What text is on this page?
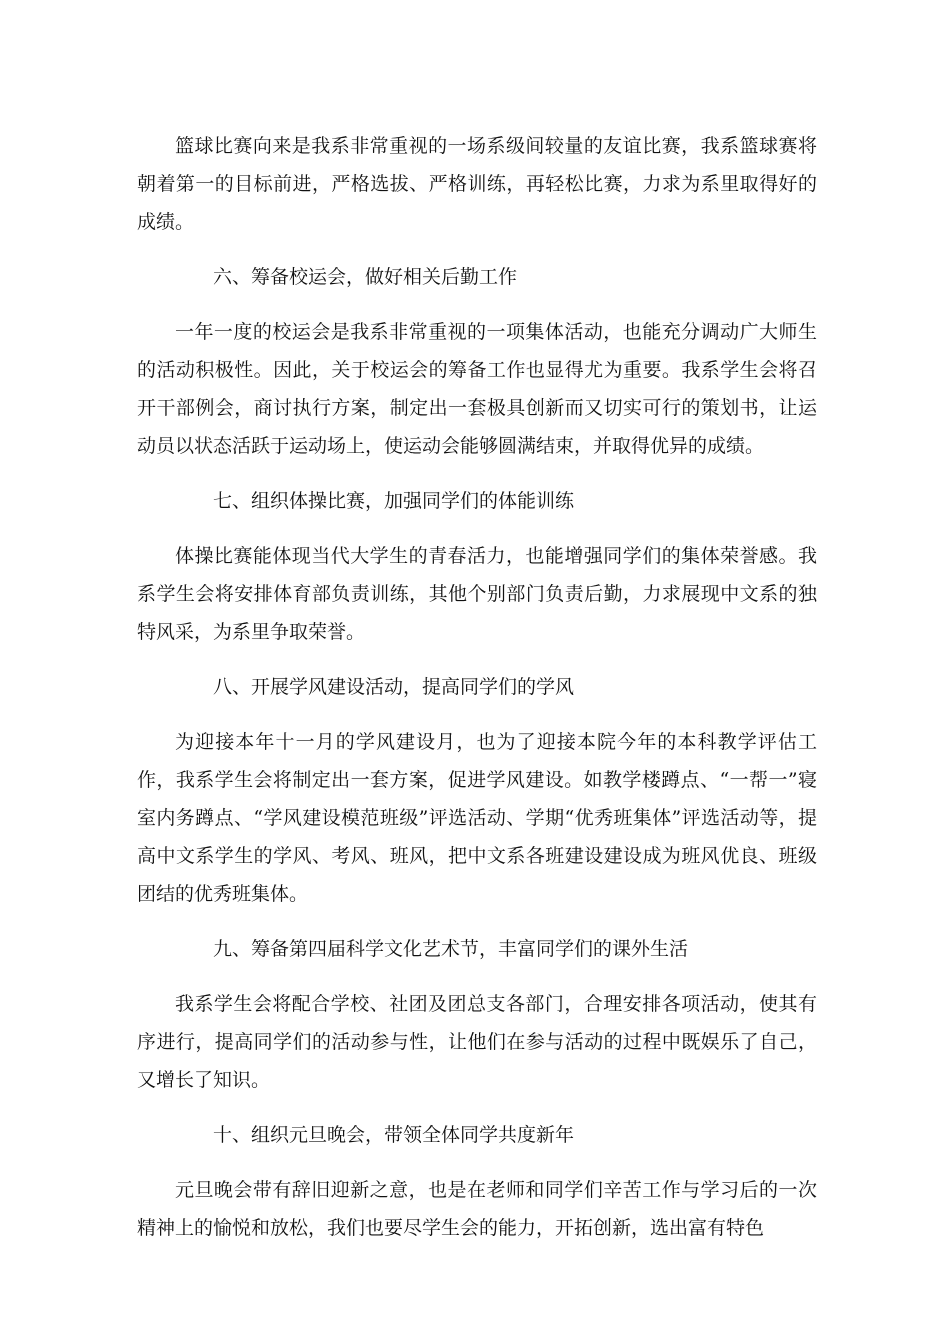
篮球比赛向来是我系非常重视的一场系级间较量的友谊比赛，我系篮球赛将朝着第一的目标前进，严格选拔、严格训练，再轻松比赛，力求为系里取得好的成绩。

六、筹备校运会，做好相关后勤工作

一年一度的校运会是我系非常重视的一项集体活动，也能充分调动广大师生的活动积极性。因此，关于校运会的筹备工作也显得尤为重要。我系学生会将召开干部例会，商讨执行方案，制定出一套极具创新而又切实可行的策划书，让运动员以状态活跃于运动场上，使运动会能够圆满结束，并取得优异的成绩。

七、组织体操比赛，加强同学们的体能训练

体操比赛能体现当代大学生的青春活力，也能增强同学们的集体荣誉感。我系学生会将安排体育部负责训练，其他个别部门负责后勤，力求展现中文系的独特风采，为系里争取荣誉。

八、开展学风建设活动，提高同学们的学风

为迎接本年十一月的学风建设月，也为了迎接本院今年的本科教学评估工作，我系学生会将制定出一套方案，促进学风建设。如教学楼蹲点、“一帮一”寝室内务蹲点、“学风建设模范班级”评选活动、学期“优秀班集体”评选活动等，提高中文系学生的学风、考风、班风，把中文系各班建设建设成为班风优良、班级团结的优秀班集体。

九、筹备第四届科学文化艺术节，丰富同学们的课外生活

我系学生会将配合学校、社团及团总支各部门，合理安排各项活动，使其有序进行，提高同学们的活动参与性，让他们在参与活动的过程中既娱乐了自己，又增长了知识。

十、组织元旦晚会，带领全体同学共度新年

元旦晚会带有辞旧迎新之意，也是在老师和同学们辛苦工作与学习后的一次精神上的愉悦和放松，我们也要尽学生会的能力，开拓创新，选出富有特色
